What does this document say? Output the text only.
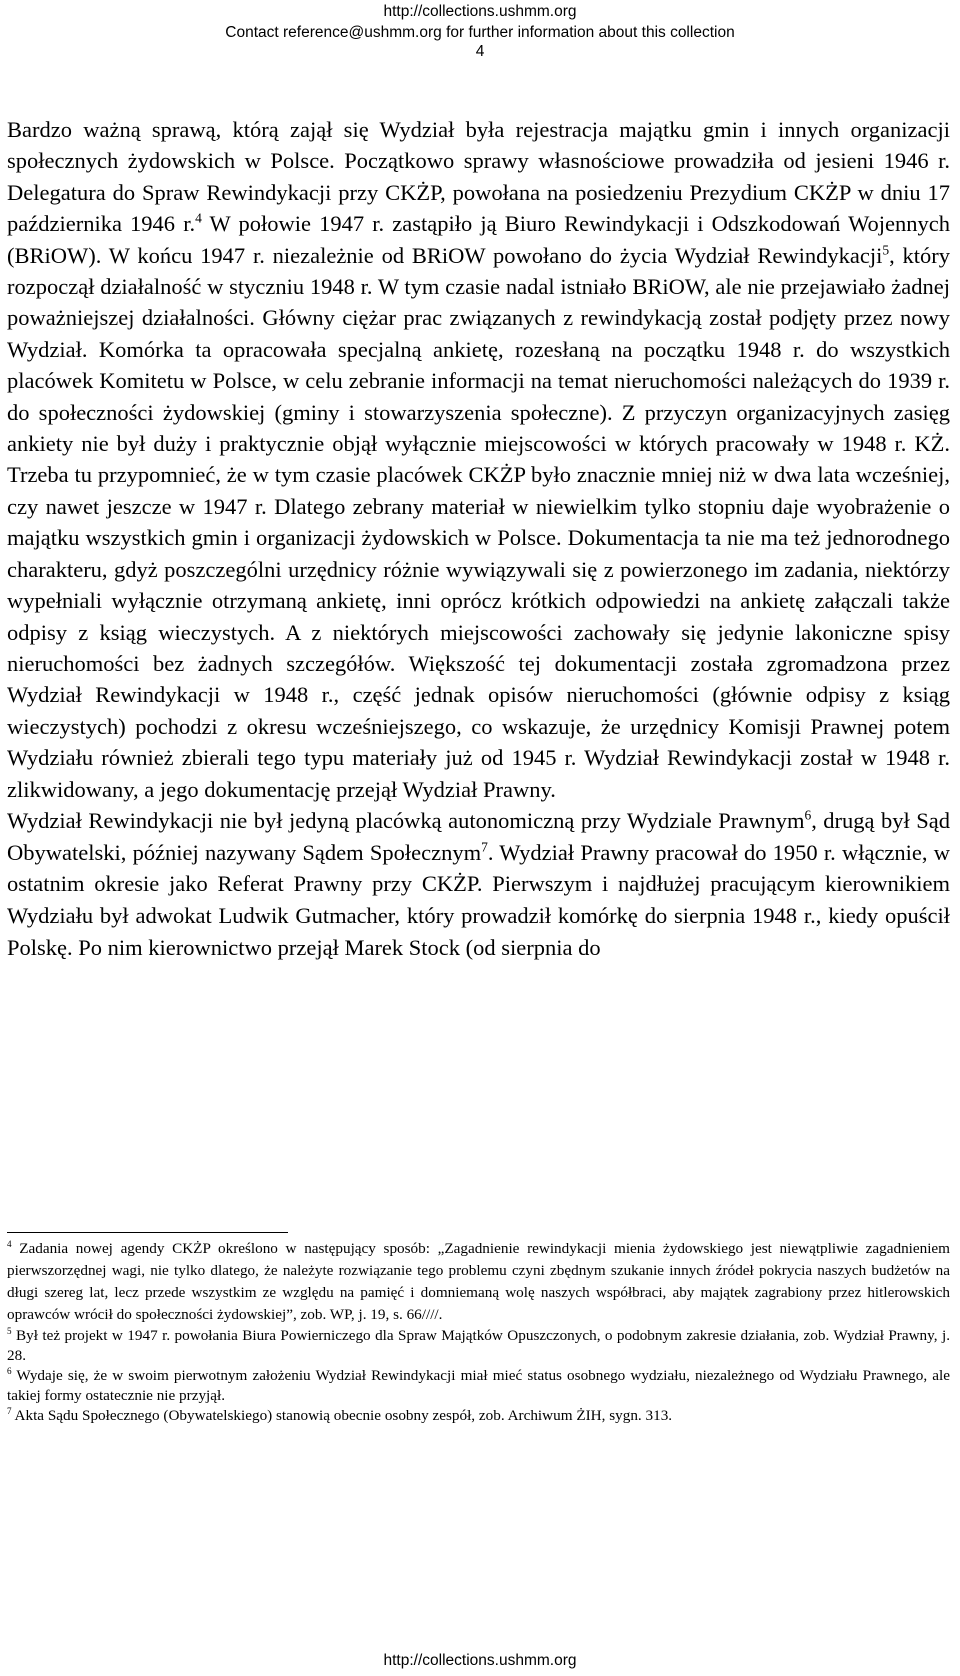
http://collections.ushmm.org
Contact reference@ushmm.org for further information about this collection
4

Bardzo ważną sprawą, którą zajął się Wydział była rejestracja majątku gmin i innych organizacji społecznych żydowskich w Polsce. Początkowo sprawy własnościowe prowadziła od jesieni 1946 r. Delegatura do Spraw Rewindykacji przy CKŻP, powołana na posiedzeniu Prezydium CKŻP w dniu 17 października 1946 r.$^4$ W połowie 1947 r. zastąpiło ją Biuro Rewindykacji i Odszkodowań Wojennych (BRiOW). W końcu 1947 r. niezależnie od BRiOW powołano do życia Wydział Rewindykacji$^5$, który rozpoczął działalność w styczniu 1948 r. W tym czasie nadal istniało BRiOW, ale nie przejawiało żadnej poważniejszej działalności. Główny ciężar prac związanych z rewindykacją został podjęty przez nowy Wydział. Komórka ta opracowała specjalną ankietę, rozesłaną na początku 1948 r. do wszystkich placówek Komitetu w Polsce, w celu zebranie informacji na temat nieruchomości należących do 1939 r. do społeczności żydowskiej (gminy i stowarzyszenia społeczne). Z przyczyn organizacyjnych zasięg ankiety nie był duży i praktycznie objął wyłącznie miejscowości w których pracowały w 1948 r. KŻ. Trzeba tu przypomnieć, że w tym czasie placówek CKŻP było znacznie mniej niż w dwa lata wcześniej, czy nawet jeszcze w 1947 r. Dlatego zebrany materiał w niewielkim tylko stopniu daje wyobrażenie o majątku wszystkich gmin i organizacji żydowskich w Polsce. Dokumentacja ta nie ma też jednorodnego charakteru, gdyż poszczególni urzędnicy różnie wywiązywali się z powierzonego im zadania, niektórzy wypełniali wyłącznie otrzymaną ankietę, inni oprócz krótkich odpowiedzi na ankietę załączali także odpisy z ksiąg wieczystych. A z niektórych miejscowości zachowały się jedynie lakoniczne spisy nieruchomości bez żadnych szczegółów. Większość tej dokumentacji została zgromadzona przez Wydział Rewindykacji w 1948 r., część jednak opisów nieruchomości (głównie odpisy z ksiąg wieczystych) pochodzi z okresu wcześniejszego, co wskazuje, że urzędnicy Komisji Prawnej potem Wydziału również zbierali tego typu materiały już od 1945 r. Wydział Rewindykacji został w 1948 r. zlikwidowany, a jego dokumentację przejął Wydział Prawny.

Wydział Rewindykacji nie był jedyną placówką autonomiczną przy Wydziale Prawnym$^6$, drugą był Sąd Obywatelski, później nazywany Sądem Społecznym$^7$. Wydział Prawny pracował do 1950 r. włącznie, w ostatnim okresie jako Referat Prawny przy CKŻP. Pierwszym i najdłużej pracującym kierownikiem Wydziału był adwokat Ludwik Gutmacher, który prowadził komórkę do sierpnia 1948 r., kiedy opuścił Polskę. Po nim kierownictwo przejął Marek Stock (od sierpnia do

$^4$ Zadania nowej agendy CKŻP określono w następujący sposób: „Zagadnienie rewindykacji mienia żydowskiego jest niewątpliwie zagadnieniem pierwszorzędnej wagi, nie tylko dlatego, że należyte rozwiązanie tego problemu czyni zbędnym szukanie innych źródeł pokrycia naszych budżetów na długi szereg lat, lecz przede wszystkim ze względu na pamięć i domniemaną wolę naszych współbraci, aby majątek zagrabiony przez hitlerowskich oprawców wrócił do społeczności żydowskiej”, zob. WP, j. 19, s. 66////.

$^5$ Był też projekt w 1947 r. powołania Biura Powierniczego dla Spraw Majątków Opuszczonych, o podobnym zakresie działania, zob. Wydział Prawny, j. 28.

$^6$ Wydaje się, że w swoim pierwotnym założeniu Wydział Rewindykacji miał mieć status osobnego wydziału, niezależnego od Wydziału Prawnego, ale takiej formy ostatecznie nie przyjął.

$^7$ Akta Sądu Społecznego (Obywatelskiego) stanowią obecnie osobny zespół, zob. Archiwum ŻIH, sygn. 313.

http://collections.ushmm.org
